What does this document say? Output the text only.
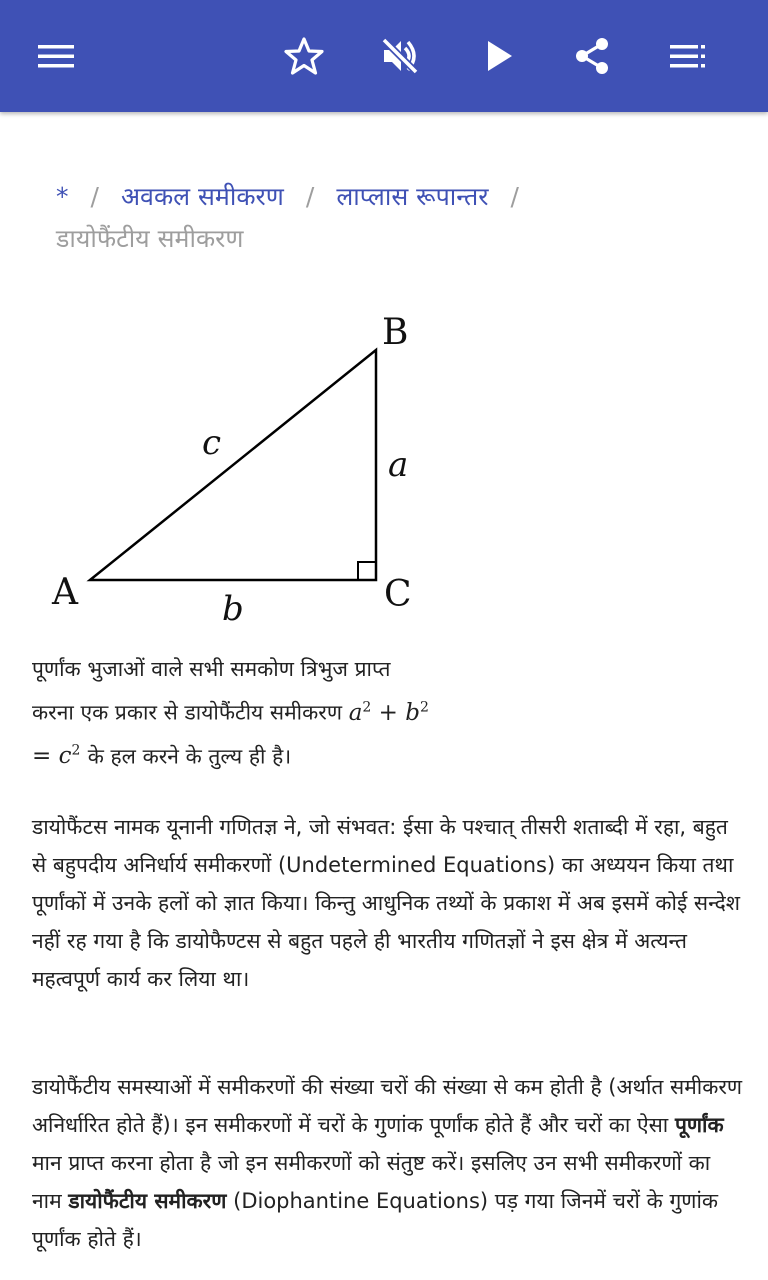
* / अवकल समीकरण / लाप्लास रूपान्तर /
डायोफैंटीय समीकरण
A
B
C
a
b
c
पूर्णांक भुजाओं वाले सभी समकोण त्रिभुज प्राप्त करना एक प्रकार से डायोफैंटीय समीकरण $a^2 + b^2 = c^2$ के हल करने के तुल्य ही है।

डायोफैंटस नामक यूनानी गणितज्ञ ने, जो संभवत: ईसा के पश्चात् तीसरी शताब्दी में रहा, बहुत से बहुपदीय अनिर्धार्य समीकरणों (Undetermined Equations) का अध्ययन किया तथा पूर्णांकों में उनके हलों को ज्ञात किया। किन्तु आधुनिक तथ्यों के प्रकाश में अब इसमें कोई सन्देश नहीं रह गया है कि डायोफैण्टस से बहुत पहले ही भारतीय गणितज्ञों ने इस क्षेत्र में अत्यन्त महत्वपूर्ण कार्य कर लिया था।

डायोफैंटीय समस्याओं में समीकरणों की संख्या चरों की संख्या से कम होती है (अर्थात समीकरण अनिर्धारित होते हैं)। इन समीकरणों में चरों के गुणांक पूर्णांक होते हैं और चरों का ऐसा पूर्णांक मान प्राप्त करना होता है जो इन समीकरणों को संतुष्ट करें। इसलिए उन सभी समीकरणों का नाम डायोफैंटीय समीकरण (Diophantine Equations) पड़ गया जिनमें चरों के गुणांक पूर्णांक होते हैं।
